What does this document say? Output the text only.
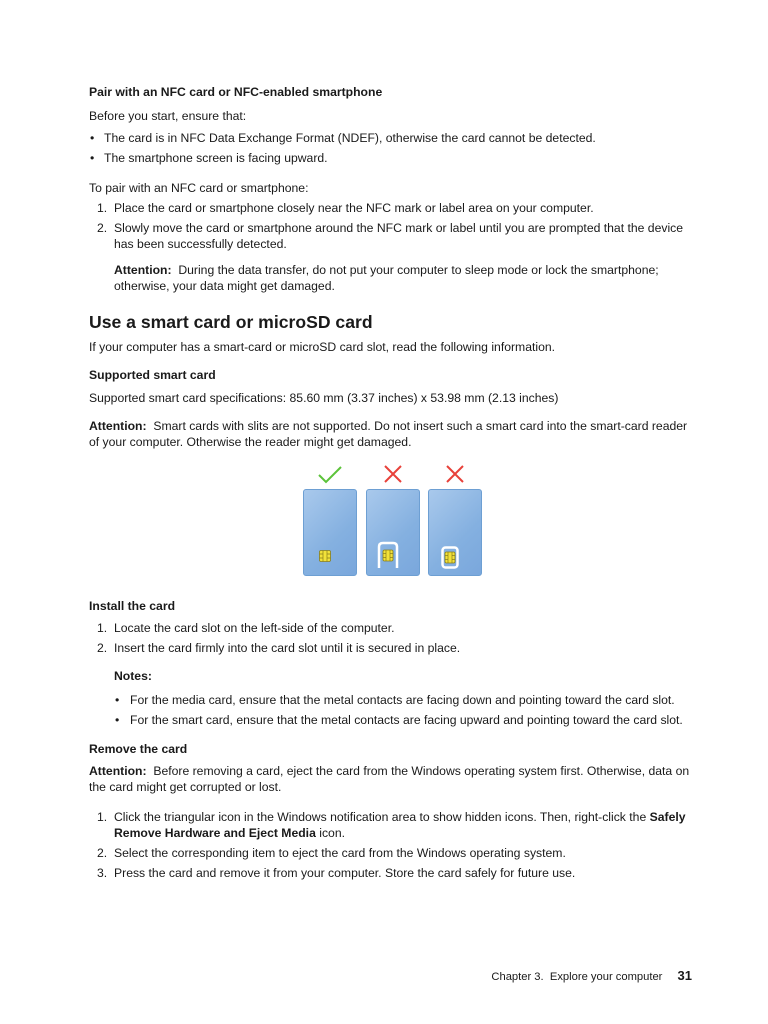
Pair with an NFC card or NFC-enabled smartphone

Before you start, ensure that:

• The card is in NFC Data Exchange Format (NDEF), otherwise the card cannot be detected.
• The smartphone screen is facing upward.

To pair with an NFC card or smartphone:

1. Place the card or smartphone closely near the NFC mark or label area on your computer.
2. Slowly move the card or smartphone around the NFC mark or label until you are prompted that the device has been successfully detected.

Attention: During the data transfer, do not put your computer to sleep mode or lock the smartphone; otherwise, your data might get damaged.

Use a smart card or microSD card

If your computer has a smart-card or microSD card slot, read the following information.

Supported smart card

Supported smart card specifications: 85.60 mm (3.37 inches) x 53.98 mm (2.13 inches)

Attention: Smart cards with slits are not supported. Do not insert such a smart card into the smart-card reader of your computer. Otherwise the reader might get damaged.

Install the card

1. Locate the card slot on the left-side of the computer.
2. Insert the card firmly into the card slot until it is secured in place.

Notes:

• For the media card, ensure that the metal contacts are facing down and pointing toward the card slot.
• For the smart card, ensure that the metal contacts are facing upward and pointing toward the card slot.

Remove the card

Attention: Before removing a card, eject the card from the Windows operating system first. Otherwise, data on the card might get corrupted or lost.

1. Click the triangular icon in the Windows notification area to show hidden icons. Then, right-click the Safely Remove Hardware and Eject Media icon.
2. Select the corresponding item to eject the card from the Windows operating system.
3. Press the card and remove it from your computer. Store the card safely for future use.
Chapter 3. Explore your computer 31
